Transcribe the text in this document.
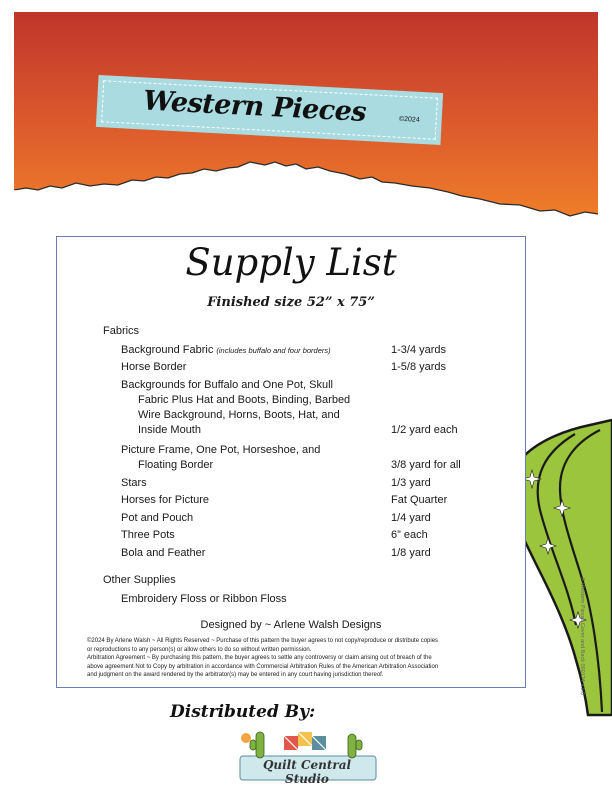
Western Pieces	©2024
Supply List
Finished size 52” x 75”
Fabrics
Background Fabric (includes buffalo and four borders)	1-3/4 yards
Horse Border	1-5/8 yards
Backgrounds for Buffalo and One Pot, Skull
Fabric Plus Hat and Boots, Binding, Barbed
Wire Background, Horns, Boots, Hat, and
Inside Mouth	1/2 yard each
Picture Frame, One Pot, Horseshoe, and
Floating Border	3/8 yard for all
Stars	1/3 yard
Horses for Picture	Fat Quarter
Pot and Pouch	1/4 yard
Three Pots	6” each
Bola and Feather	1/8 yard
Other Supplies
Embroidery Floss or Ribbon Floss
Designed by ~ Arlene Walsh Designs
©2024 By Arlene Walsh ~ All Rights Reserved ~ Purchase of this pattern the buyer agrees to not copy/reproduce or distribute copies
or reproductions to any person(s) or allow others to do so without written permission.
Arbitration Agreement ~ By purchasing this pattern, the buyer agrees to settle any controversy or claim arising out of breach of the
above agreement Not to Copy by arbitration in accordance with Commercial Arbitration Rules of the American Arbitration Association
and judgment on the award rendered by the arbitrator(s) may be entered in any court having jurisdiction thereof.	F Western Pieces Cover and Back 050124 v.1.0
Distributed By:
Quilt Central Studio
